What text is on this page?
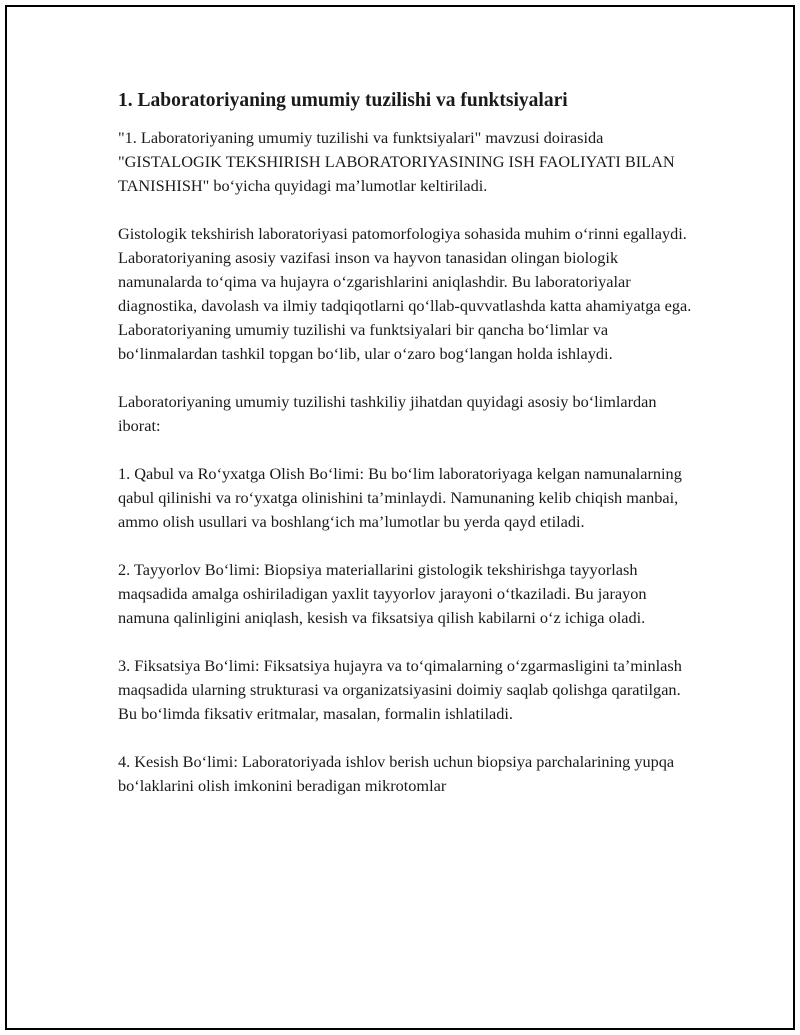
1. Laboratoriyaning umumiy tuzilishi va funktsiyalari

"1. Laboratoriyaning umumiy tuzilishi va funktsiyalari" mavzusi doirasida "GISTALOGIK TEKSHIRISH LABORATORIYASINING ISH FAOLIYATI BILAN TANISHISH" bo‘yicha quyidagi ma’lumotlar keltiriladi.

Gistologik tekshirish laboratoriyasi patomorfologiya sohasida muhim o‘rinni egallaydi. Laboratoriyaning asosiy vazifasi inson va hayvon tanasidan olingan biologik namunalarda to‘qima va hujayra o‘zgarishlarini aniqlashdir. Bu laboratoriyalar diagnostika, davolash va ilmiy tadqiqotlarni qo‘llab-quvvatlashda katta ahamiyatga ega. Laboratoriyaning umumiy tuzilishi va funktsiyalari bir qancha bo‘limlar va bo‘linmalardan tashkil topgan bo‘lib, ular o‘zaro bog‘langan holda ishlaydi.

Laboratoriyaning umumiy tuzilishi tashkiliy jihatdan quyidagi asosiy bo‘limlardan iborat:

1. Qabul va Ro‘yxatga Olish Bo‘limi: Bu bo‘lim laboratoriyaga kelgan namunalarning qabul qilinishi va ro‘yxatga olinishini ta’minlaydi. Namunaning kelib chiqish manbai, ammo olish usullari va boshlang‘ich ma’lumotlar bu yerda qayd etiladi.

2. Tayyorlov Bo‘limi: Biopsiya materiallarini gistologik tekshirishga tayyorlash maqsadida amalga oshiriladigan yaxlit tayyorlov jarayoni o‘tkaziladi. Bu jarayon namuna qalinligini aniqlash, kesish va fiksatsiya qilish kabilarni o‘z ichiga oladi.

3. Fiksatsiya Bo‘limi: Fiksatsiya hujayra va to‘qimalarning o‘zgarmasligini ta’minlash maqsadida ularning strukturasi va organizatsiyasini doimiy saqlab qolishga qaratilgan. Bu bo‘limda fiksativ eritmalar, masalan, formalin ishlatiladi.

4. Kesish Bo‘limi: Laboratoriyada ishlov berish uchun biopsiya parchalarining yupqa bo‘laklarini olish imkonini beradigan mikrotomlar
